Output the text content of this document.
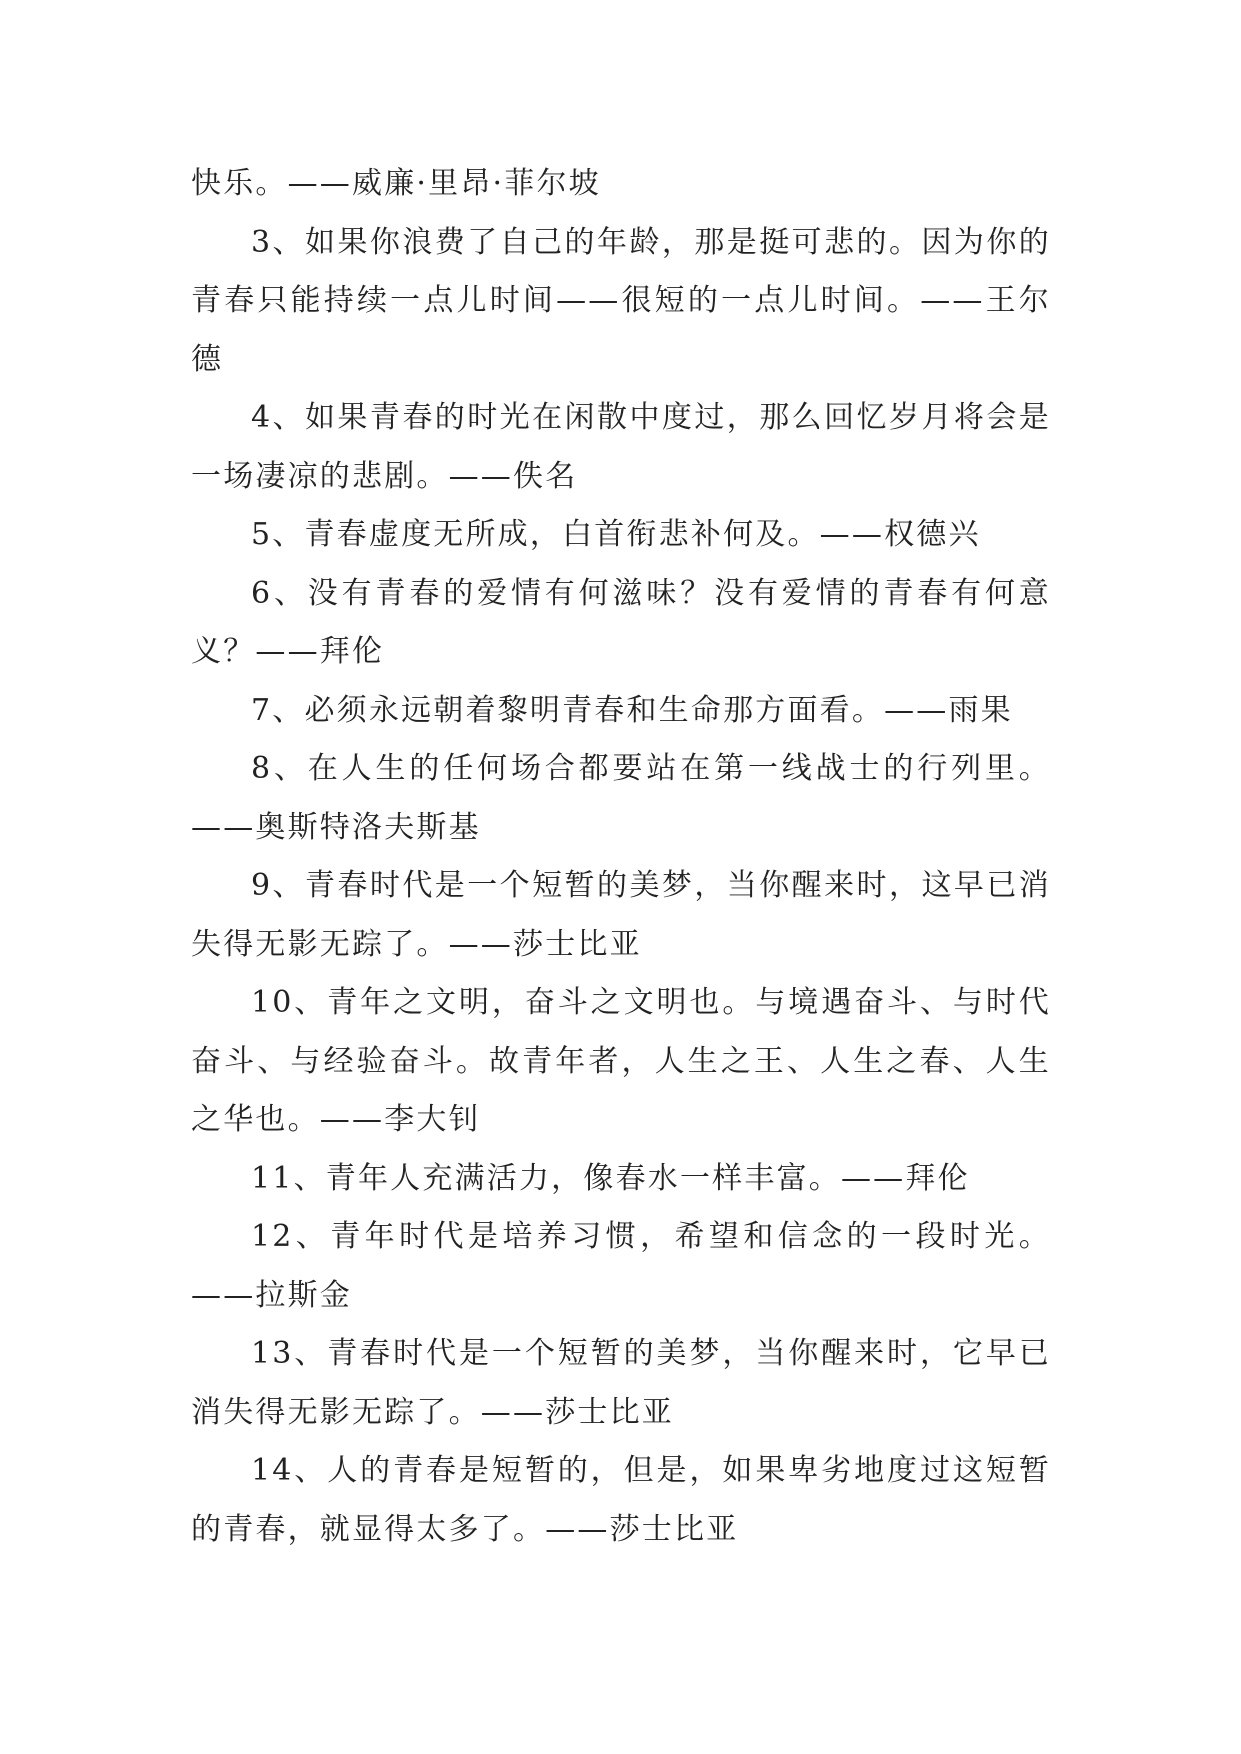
快乐。——威廉·里昂·菲尔坡

3、如果你浪费了自己的年龄，那是挺可悲的。因为你的青春只能持续一点儿时间——很短的一点儿时间。——王尔德

4、如果青春的时光在闲散中度过，那么回忆岁月将会是一场凄凉的悲剧。——佚名

5、青春虚度无所成，白首衔悲补何及。——权德兴

6、没有青春的爱情有何滋味？没有爱情的青春有何意义？——拜伦

7、必须永远朝着黎明青春和生命那方面看。——雨果

8、在人生的任何场合都要站在第一线战士的行列里。——奥斯特洛夫斯基

9、青春时代是一个短暂的美梦，当你醒来时，这早已消失得无影无踪了。——莎士比亚

10、青年之文明，奋斗之文明也。与境遇奋斗、与时代奋斗、与经验奋斗。故青年者，人生之王、人生之春、人生之华也。——李大钊

11、青年人充满活力，像春水一样丰富。——拜伦

12、青年时代是培养习惯，希望和信念的一段时光。——拉斯金

13、青春时代是一个短暂的美梦，当你醒来时，它早已消失得无影无踪了。——莎士比亚

14、人的青春是短暂的，但是，如果卑劣地度过这短暂的青春，就显得太多了。——莎士比亚
